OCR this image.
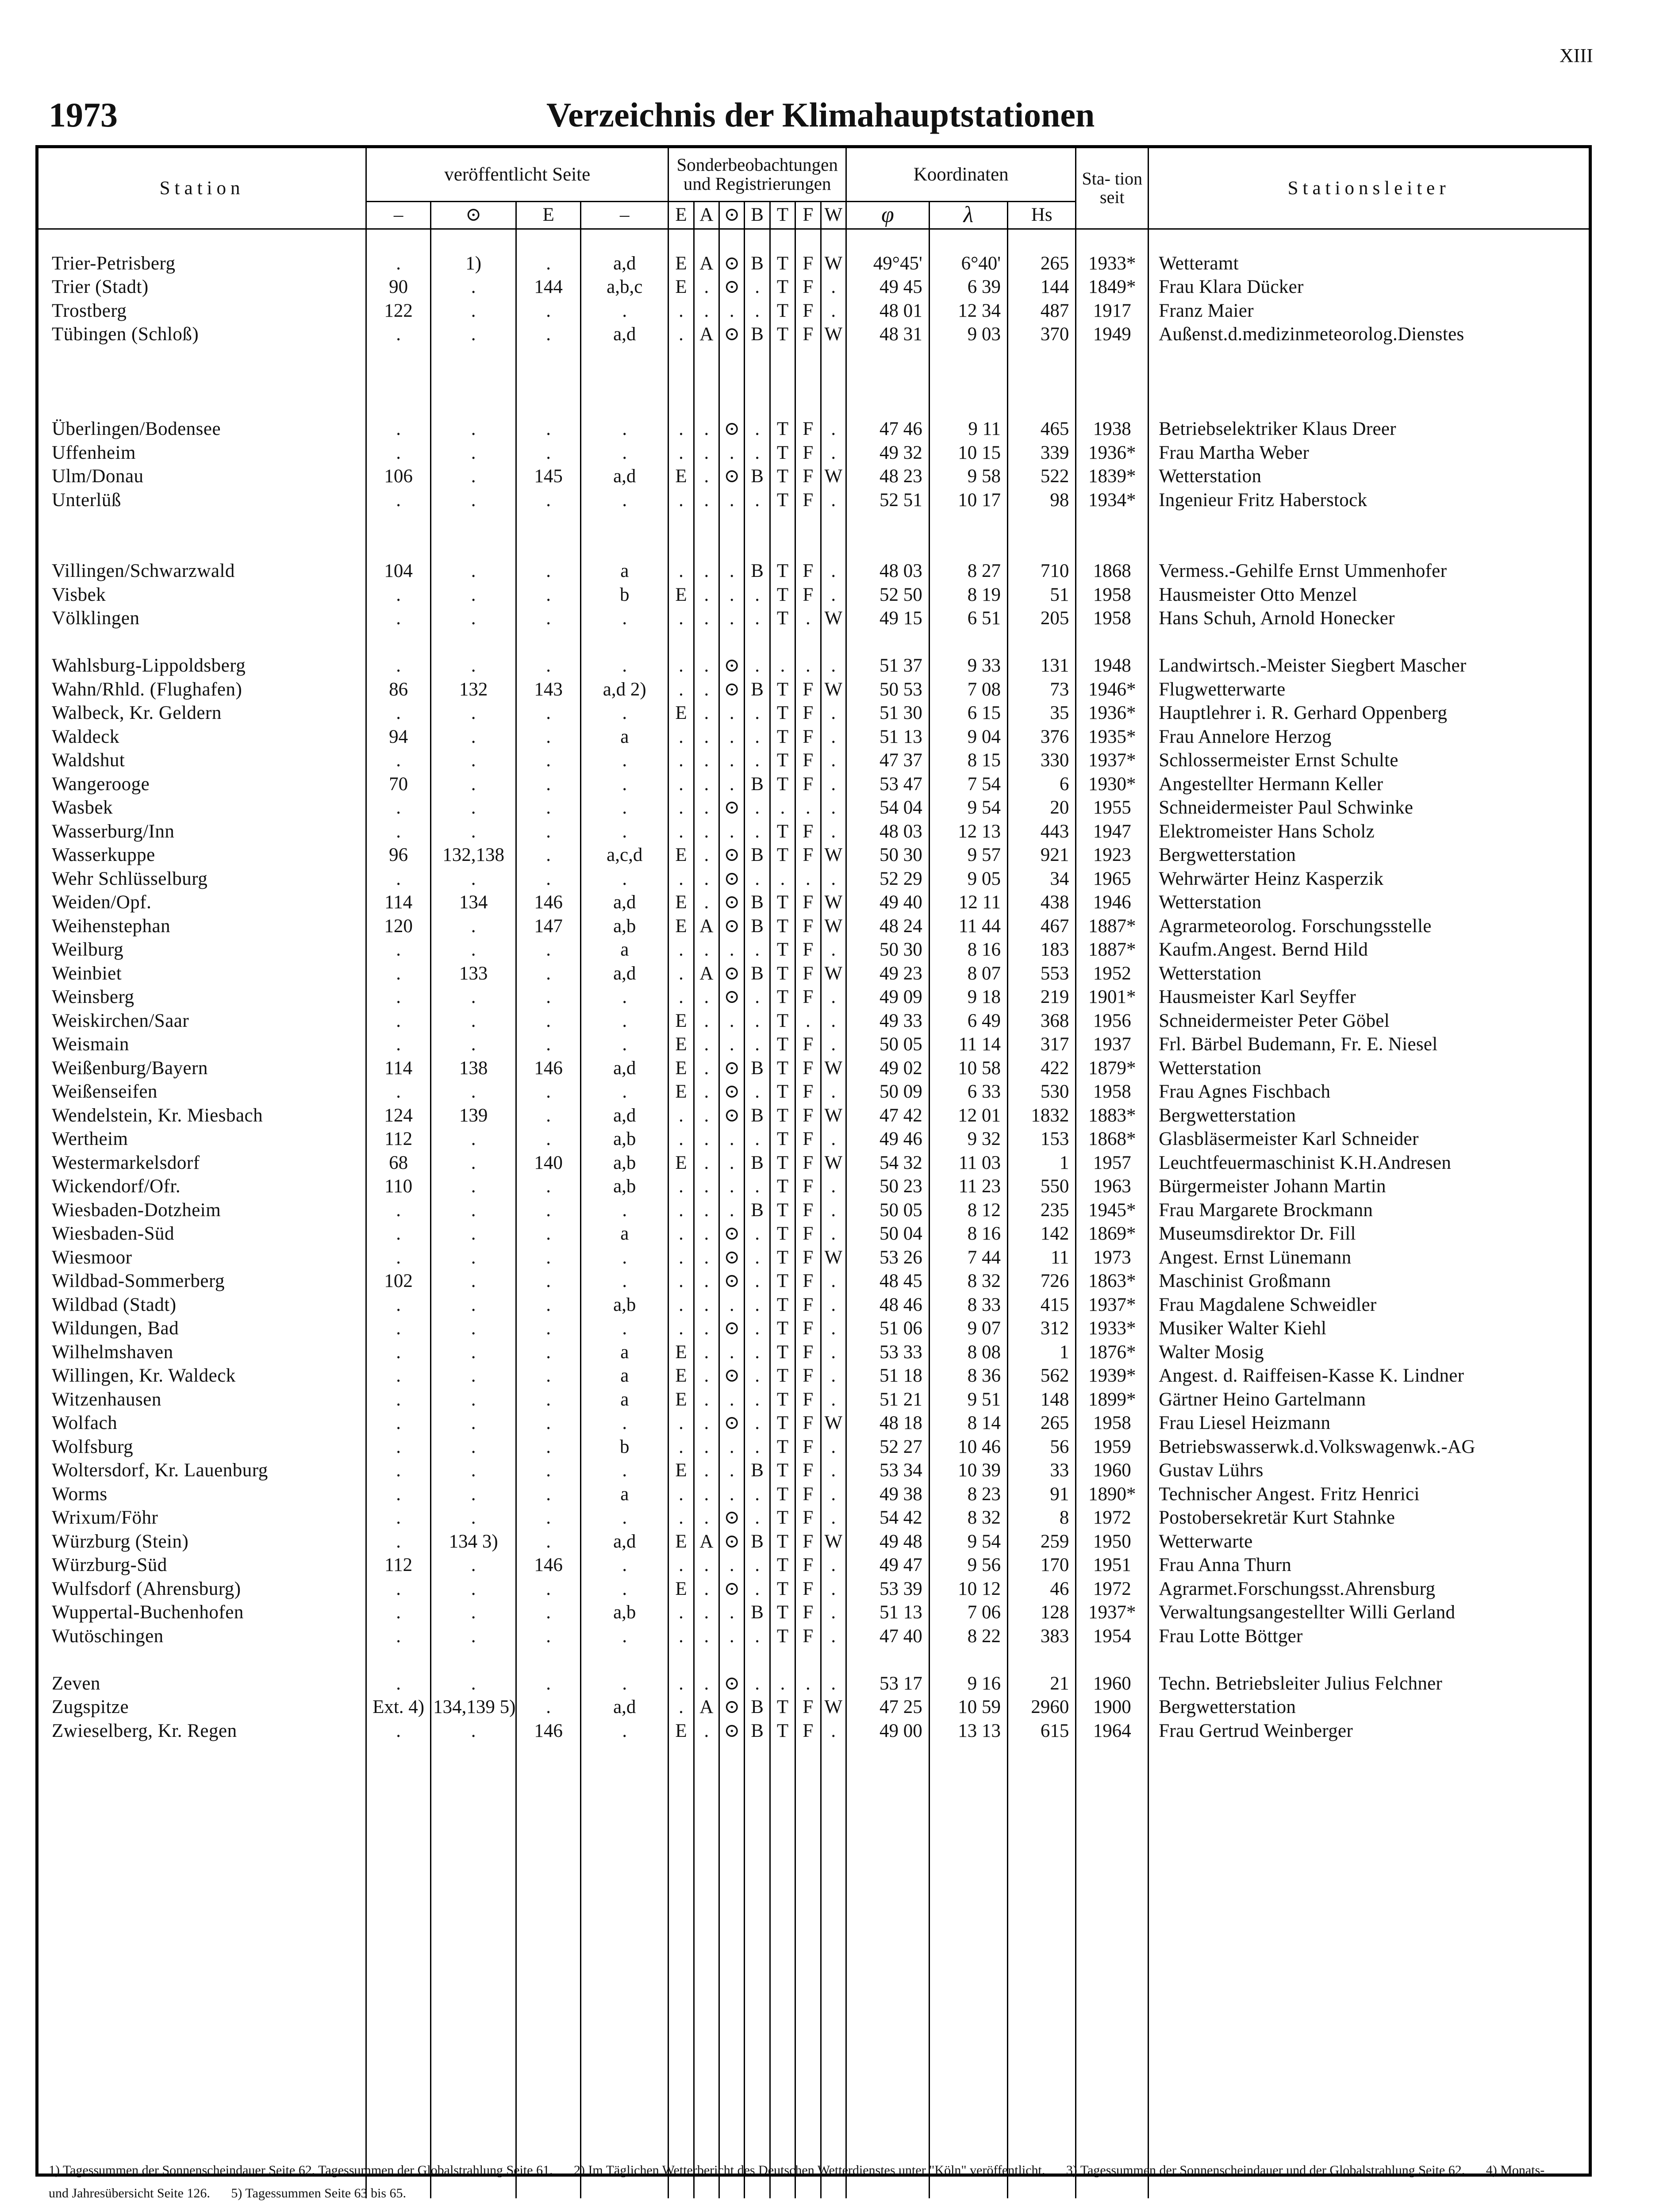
XIII
1973	Verzeichnis der Klimahauptstationen
Station	veröffentlicht Seite				Sonderbeobachtungen und Registrierungen							Koordinaten			Sta- tion seit	Stationsleiter
	–	⊙	E	–	E	A	⊙	B	T	F	W	φ	λ	Hs		

Trier-Petrisberg	.	1)	.	a,d	E	A	⊙	B	T	F	W	49°45'	6°40'	265	1933*	Wetteramt
Trier (Stadt)	90	.	144	a,b,c	E	.	⊙	.	T	F	.	49 45	6 39	144	1849*	Frau Klara Dücker
Trostberg	122	.	.	.	.	.	.	.	T	F	.	48 01	12 34	487	1917	Franz Maier
Tübingen (Schloß)	.	.	.	a,d	.	A	⊙	B	T	F	W	48 31	9 03	370	1949	Außenst.d.medizinmeteorolog.Dienstes

Überlingen/Bodensee	.	.	.	.	.	.	⊙	.	T	F	.	47 46	9 11	465	1938	Betriebselektriker Klaus Dreer
Uffenheim	.	.	.	.	.	.	.	.	T	F	.	49 32	10 15	339	1936*	Frau Martha Weber
Ulm/Donau	106	.	145	a,d	E	.	⊙	B	T	F	W	48 23	9 58	522	1839*	Wetterstation
Unterlüß	.	.	.	.	.	.	.	.	T	F	.	52 51	10 17	98	1934*	Ingenieur Fritz Haberstock

Villingen/Schwarzwald	104	.	.	a	.	.	.	B	T	F	.	48 03	8 27	710	1868	Vermess.-Gehilfe Ernst Ummenhofer
Visbek	.	.	.	b	E	.	.	.	T	F	.	52 50	8 19	51	1958	Hausmeister Otto Menzel
Völklingen	.	.	.	.	.	.	.	.	T	.	W	49 15	6 51	205	1958	Hans Schuh, Arnold Honecker

Wahlsburg-Lippoldsberg	.	.	.	.	.	.	⊙	.	.	.	.	51 37	9 33	131	1948	Landwirtsch.-Meister Siegbert Mascher
Wahn/Rhld. (Flughafen)	86	132	143	a,d 2)	.	.	⊙	B	T	F	W	50 53	7 08	73	1946*	Flugwetterwarte
Walbeck, Kr. Geldern	.	.	.	.	E	.	.	.	T	F	.	51 30	6 15	35	1936*	Hauptlehrer i. R. Gerhard Oppenberg
Waldeck	94	.	.	a	.	.	.	.	T	F	.	51 13	9 04	376	1935*	Frau Annelore Herzog
Waldshut	.	.	.	.	.	.	.	.	T	F	.	47 37	8 15	330	1937*	Schlossermeister Ernst Schulte
Wangerooge	70	.	.	.	.	.	.	B	T	F	.	53 47	7 54	6	1930*	Angestellter Hermann Keller
Wasbek	.	.	.	.	.	.	⊙	.	.	.	.	54 04	9 54	20	1955	Schneidermeister Paul Schwinke
Wasserburg/Inn	.	.	.	.	.	.	.	.	T	F	.	48 03	12 13	443	1947	Elektromeister Hans Scholz
Wasserkuppe	96	132,138	.	a,c,d	E	.	⊙	B	T	F	W	50 30	9 57	921	1923	Bergwetterstation
Wehr Schlüsselburg	.	.	.	.	.	.	⊙	.	.	.	.	52 29	9 05	34	1965	Wehrwärter Heinz Kasperzik
Weiden/Opf.	114	134	146	a,d	E	.	⊙	B	T	F	W	49 40	12 11	438	1946	Wetterstation
Weihenstephan	120	.	147	a,b	E	A	⊙	B	T	F	W	48 24	11 44	467	1887*	Agrarmeteorolog. Forschungsstelle
Weilburg	.	.	.	a	.	.	.	.	T	F	.	50 30	8 16	183	1887*	Kaufm.Angest. Bernd Hild
Weinbiet	.	133	.	a,d	.	A	⊙	B	T	F	W	49 23	8 07	553	1952	Wetterstation
Weinsberg	.	.	.	.	.	.	⊙	.	T	F	.	49 09	9 18	219	1901*	Hausmeister Karl Seyffer
Weiskirchen/Saar	.	.	.	.	E	.	.	.	T	.	.	49 33	6 49	368	1956	Schneidermeister Peter Göbel
Weismain	.	.	.	.	E	.	.	.	T	F	.	50 05	11 14	317	1937	Frl. Bärbel Budemann, Fr. E. Niesel
Weißenburg/Bayern	114	138	146	a,d	E	.	⊙	B	T	F	W	49 02	10 58	422	1879*	Wetterstation
Weißenseifen	.	.	.	.	E	.	⊙	.	T	F	.	50 09	6 33	530	1958	Frau Agnes Fischbach
Wendelstein, Kr. Miesbach	124	139	.	a,d	.	.	⊙	B	T	F	W	47 42	12 01	1832	1883*	Bergwetterstation
Wertheim	112	.	.	a,b	.	.	.	.	T	F	.	49 46	9 32	153	1868*	Glasbläsermeister Karl Schneider
Westermarkelsdorf	68	.	140	a,b	E	.	.	B	T	F	W	54 32	11 03	1	1957	Leuchtfeuermaschinist K.H.Andresen
Wickendorf/Ofr.	110	.	.	a,b	.	.	.	.	T	F	.	50 23	11 23	550	1963	Bürgermeister Johann Martin
Wiesbaden-Dotzheim	.	.	.	.	.	.	.	B	T	F	.	50 05	8 12	235	1945*	Frau Margarete Brockmann
Wiesbaden-Süd	.	.	.	a	.	.	⊙	.	T	F	.	50 04	8 16	142	1869*	Museumsdirektor Dr. Fill
Wiesmoor	.	.	.	.	.	.	⊙	.	T	F	W	53 26	7 44	11	1973	Angest. Ernst Lünemann
Wildbad-Sommerberg	102	.	.	.	.	.	⊙	.	T	F	.	48 45	8 32	726	1863*	Maschinist Großmann
Wildbad (Stadt)	.	.	.	a,b	.	.	.	.	T	F	.	48 46	8 33	415	1937*	Frau Magdalene Schweidler
Wildungen, Bad	.	.	.	.	.	.	⊙	.	T	F	.	51 06	9 07	312	1933*	Musiker Walter Kiehl
Wilhelmshaven	.	.	.	a	E	.	.	.	T	F	.	53 33	8 08	1	1876*	Walter Mosig
Willingen, Kr. Waldeck	.	.	.	a	E	.	⊙	.	T	F	.	51 18	8 36	562	1939*	Angest. d. Raiffeisen-Kasse K. Lindner
Witzenhausen	.	.	.	a	E	.	.	.	T	F	.	51 21	9 51	148	1899*	Gärtner Heino Gartelmann
Wolfach	.	.	.	.	.	.	⊙	.	T	F	W	48 18	8 14	265	1958	Frau Liesel Heizmann
Wolfsburg	.	.	.	b	.	.	.	.	T	F	.	52 27	10 46	56	1959	Betriebswasserwk.d.Volkswagenwk.-AG
Woltersdorf, Kr. Lauenburg	.	.	.	.	E	.	.	B	T	F	.	53 34	10 39	33	1960	Gustav Lührs
Worms	.	.	.	a	.	.	.	.	T	F	.	49 38	8 23	91	1890*	Technischer Angest. Fritz Henrici
Wrixum/Föhr	.	.	.	.	.	.	⊙	.	T	F	.	54 42	8 32	8	1972	Postobersekretär Kurt Stahnke
Würzburg (Stein)	.	134 3)	.	a,d	E	A	⊙	B	T	F	W	49 48	9 54	259	1950	Wetterwarte
Würzburg-Süd	112	.	146	.	.	.	.	.	T	F	.	49 47	9 56	170	1951	Frau Anna Thurn
Wulfsdorf (Ahrensburg)	.	.	.	.	E	.	⊙	.	T	F	.	53 39	10 12	46	1972	Agrarmet.Forschungsst.Ahrensburg
Wuppertal-Buchenhofen	.	.	.	a,b	.	.	.	B	T	F	.	51 13	7 06	128	1937*	Verwaltungsangestellter Willi Gerland
Wutöschingen	.	.	.	.	.	.	.	.	T	F	.	47 40	8 22	383	1954	Frau Lotte Böttger

Zeven	.	.	.	.	.	.	⊙	.	.	.	.	53 17	9 16	21	1960	Techn. Betriebsleiter Julius Felchner
Zugspitze	Ext. 4)	134,139 5)	.	a,d	.	A	⊙	B	T	F	W	47 25	10 59	2960	1900	Bergwetterstation
Zwieselberg, Kr. Regen	.	.	146	.	E	.	⊙	B	T	F	.	49 00	13 13	615	1964	Frau Gertrud Weinberger

1) Tagessummen der Sonnenscheindauer Seite 62, Tagessummen der Globalstrahlung Seite 61. 2) Im Täglichen Wetterbericht des Deutschen Wetterdienstes unter "Köln" veröffentlicht. 3) Tagessummen der Sonnenscheindauer und der Globalstrahlung Seite 62. 4) Monats- und Jahresübersicht Seite 126. 5) Tagessummen Seite 63 bis 65.
